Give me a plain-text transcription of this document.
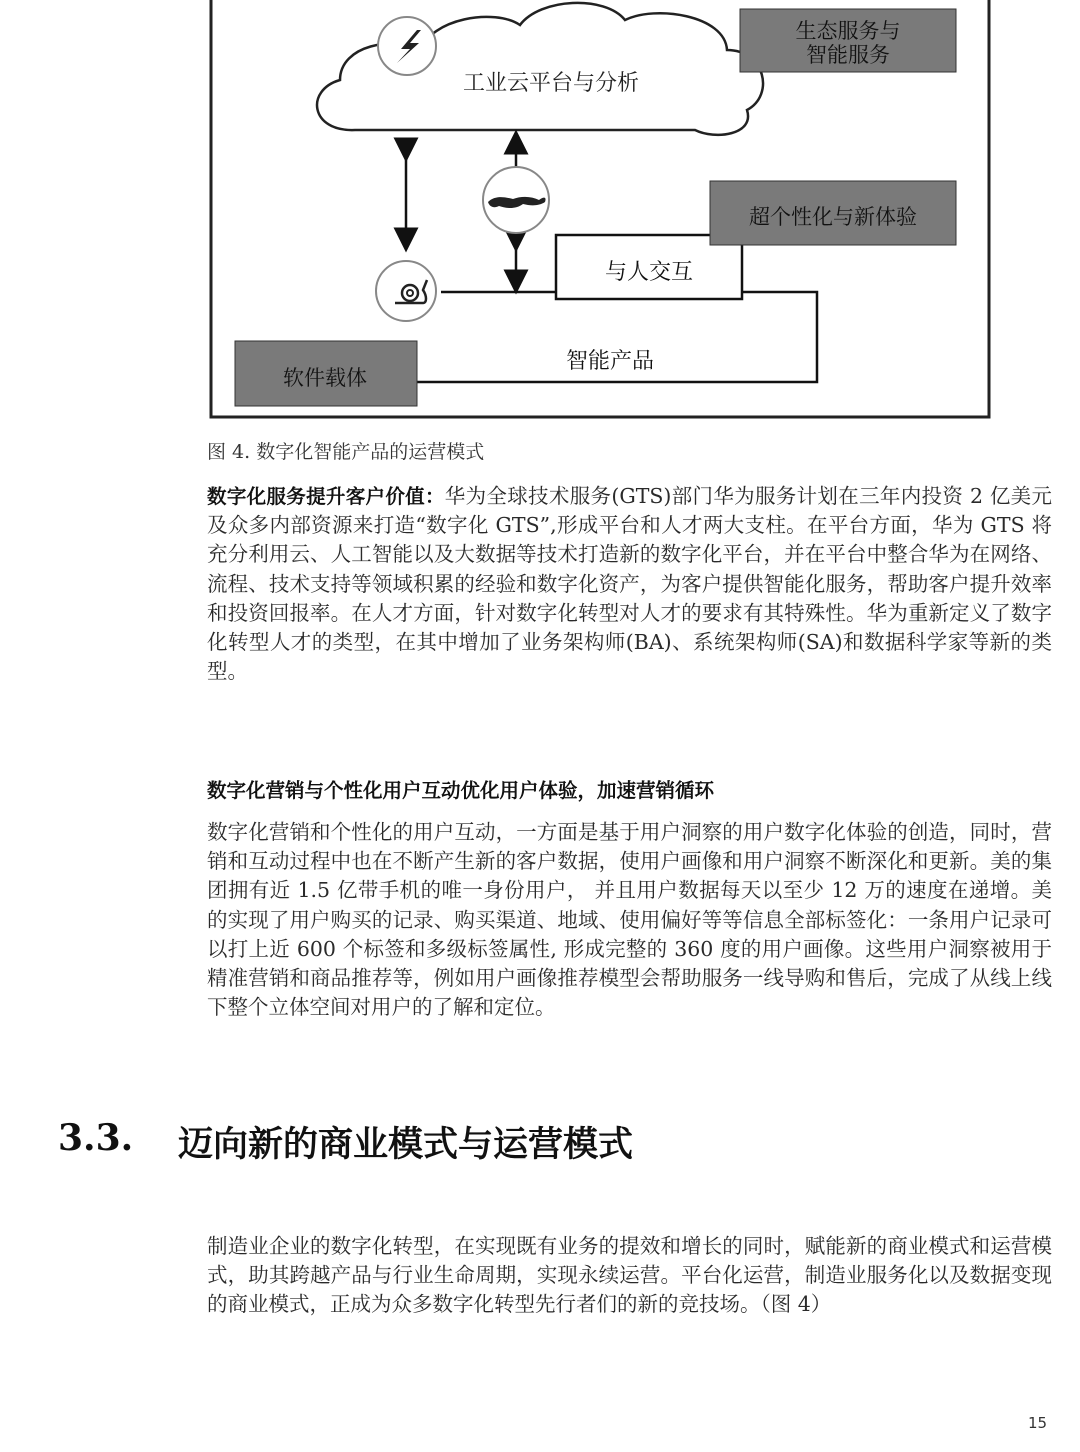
工业云平台与分析
生态服务与
智能服务
与人交互
超个性化与新体验
软件载体
智能产品

图 4. 数字化智能产品的运营模式

数字化服务提升客户价值：华为全球技术服务(GTS)部门华为服务计划在三年内投资 2 亿美元及众多内部资源来打造“数字化 GTS”,形成平台和人才两大支柱。在平台方面，华为 GTS 将充分利用云、人工智能以及大数据等技术打造新的数字化平台，并在平台中整合华为在网络、流程、技术支持等领域积累的经验和数字化资产，为客户提供智能化服务，帮助客户提升效率和投资回报率。在人才方面，针对数字化转型对人才的要求有其特殊性。华为重新定义了数字化转型人才的类型，在其中增加了业务架构师(BA)、系统架构师(SA)和数据科学家等新的类型。

数字化营销与个性化用户互动优化用户体验，加速营销循环

数字化营销和个性化的用户互动，一方面是基于用户洞察的用户数字化体验的创造，同时，营销和互动过程中也在不断产生新的客户数据，使用户画像和用户洞察不断深化和更新。美的集团拥有近 1.5 亿带手机的唯一身份用户， 并且用户数据每天以至少 12 万的速度在递增。美的实现了用户购买的记录、购买渠道、地域、使用偏好等等信息全部标签化：一条用户记录可以打上近 600 个标签和多级标签属性, 形成完整的 360 度的用户画像。这些用户洞察被用于精准营销和商品推荐等，例如用户画像推荐模型会帮助服务一线导购和售后，完成了从线上线下整个立体空间对用户的了解和定位。

3.3. 迈向新的商业模式与运营模式

制造业企业的数字化转型，在实现既有业务的提效和增长的同时，赋能新的商业模式和运营模式，助其跨越产品与行业生命周期，实现永续运营。平台化运营，制造业服务化以及数据变现的商业模式，正成为众多数字化转型先行者们的新的竞技场。（图 4）

15
